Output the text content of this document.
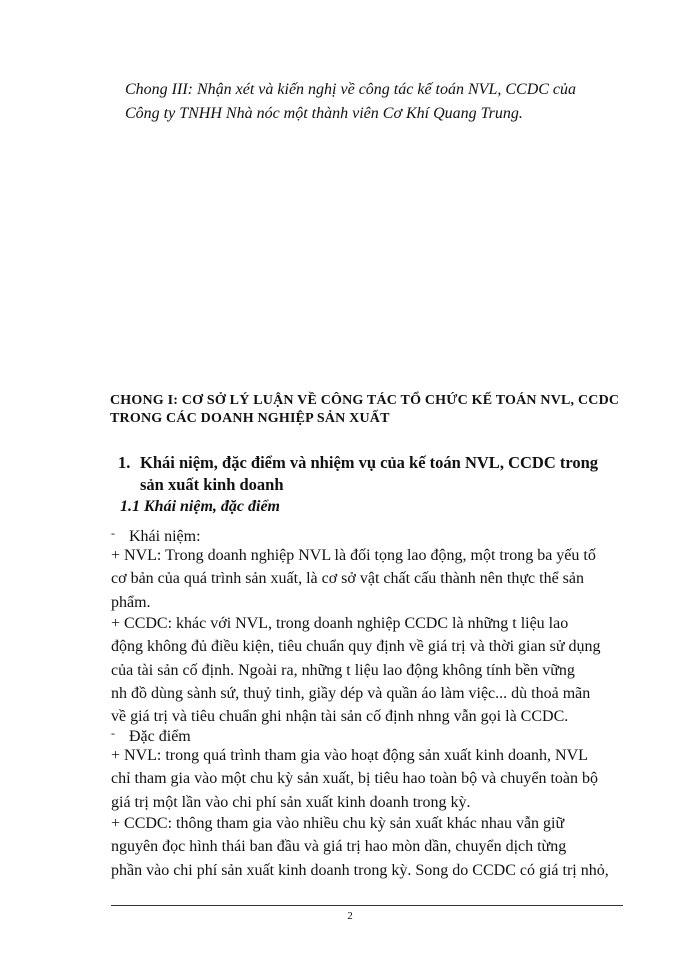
Chong III: Nhận xét và kiến nghị về công tác kế toán NVL, CCDC của

Công ty TNHH Nhà nóc một thành viên Cơ Khí Quang Trung.

CHONG I: CƠ SỞ LÝ LUẬN VỀ CÔNG TÁC TỔ CHỨC KẾ TOÁN NVL, CCDC

TRONG CÁC DOANH NGHIỆP SẢN XUẤT

1. Khái niệm, đặc điểm và nhiệm vụ của kế toán NVL, CCDC trong
sản xuất kinh doanh
1.1 Khái niệm, đặc điểm
- Khái niệm:

+ NVL: Trong doanh nghiệp NVL là đối tọng lao động, một trong ba yếu tố

cơ bản của quá trình sản xuất, là cơ sở vật chất cấu thành nên thực thể sản

phẩm.

+ CCDC: khác với NVL, trong doanh nghiệp CCDC là những t liệu lao

động không đủ điều kiện, tiêu chuẩn quy định về giá trị và thời gian sử dụng

của tài sản cố định. Ngoài ra, những t liệu lao động không tính bền vững

nh đồ dùng sành sứ, thuỷ tinh, giầy dép và quần áo làm việc... dù thoả mãn

về giá trị và tiêu chuẩn ghi nhận tài sản cố định nhng vẫn gọi là CCDC.

- Đặc điểm

+ NVL: trong quá trình tham gia vào hoạt động sản xuất kinh doanh, NVL

chỉ tham gia vào một chu kỳ sản xuất, bị tiêu hao toàn bộ và chuyển toàn bộ

giá trị một lần vào chi phí sản xuất kinh doanh trong kỳ.

+ CCDC: thông tham gia vào nhiều chu kỳ sản xuất khác nhau vẫn giữ

nguyên đọc hình thái ban đầu và giá trị hao mòn dần, chuyển dịch từng

phần vào chi phí sản xuất kinh doanh trong kỳ. Song do CCDC có giá trị nhỏ,

2
